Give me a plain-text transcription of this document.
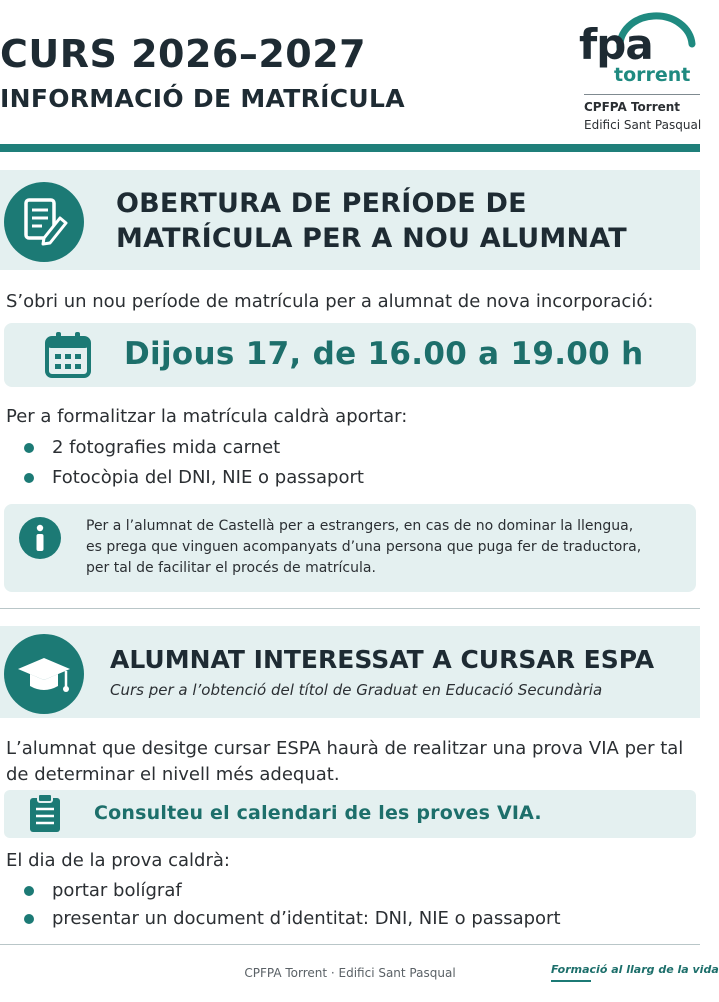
CURS 2026–2027
INFORMACIÓ DE MATRÍCULA
fpa
torrent
CPFPA Torrent
Edifici Sant Pasqual
OBERTURA DE PERÍODE DE
MATRÍCULA PER A NOU ALUMNAT
S’obri un nou període de matrícula per a alumnat de nova incorporació:
Dijous 17, de 16.00 a 19.00 h
Per a formalitzar la matrícula caldrà aportar:
2 fotografies mida carnet
Fotocòpia del DNI, NIE o passaport
Per a l’alumnat de Castellà per a estrangers, en cas de no dominar la llengua,
es prega que vinguen acompanyats d’una persona que puga fer de traductora,
per tal de facilitar el procés de matrícula.
ALUMNAT INTERESSAT A CURSAR ESPA
Curs per a l’obtenció del títol de Graduat en Educació Secundària
L’alumnat que desitge cursar ESPA haurà de realitzar una prova VIA per tal
de determinar el nivell més adequat.
Consulteu el calendari de les proves VIA.
El dia de la prova caldrà:
portar bolígraf
presentar un document d’identitat: DNI, NIE o passaport
CPFPA Torrent · Edifici Sant Pasqual	Formació al llarg de la vida
